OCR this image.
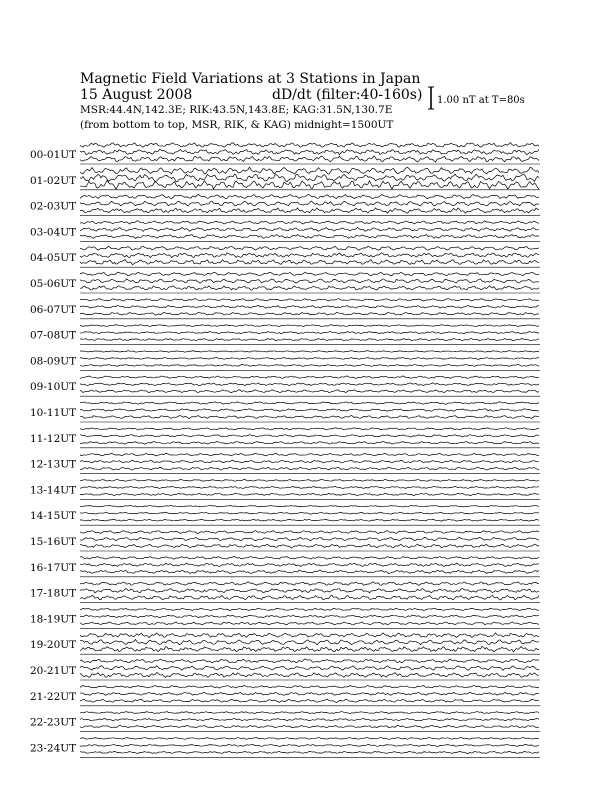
Magnetic Field Variations at 3 Stations in Japan
15 August 2008	dD/dt (filter:40-160s)
MSR:44.4N,142.3E; RIK:43.5N,143.8E; KAG:31.5N,130.7E
(from bottom to top, MSR, RIK, & KAG) midnight=1500UT
1.00 nT at T=80s
00-01UT
01-02UT
02-03UT
03-04UT
04-05UT
05-06UT
06-07UT
07-08UT
08-09UT
09-10UT
10-11UT
11-12UT
12-13UT
13-14UT
14-15UT
15-16UT
16-17UT
17-18UT
18-19UT
19-20UT
20-21UT
21-22UT
22-23UT
23-24UT
